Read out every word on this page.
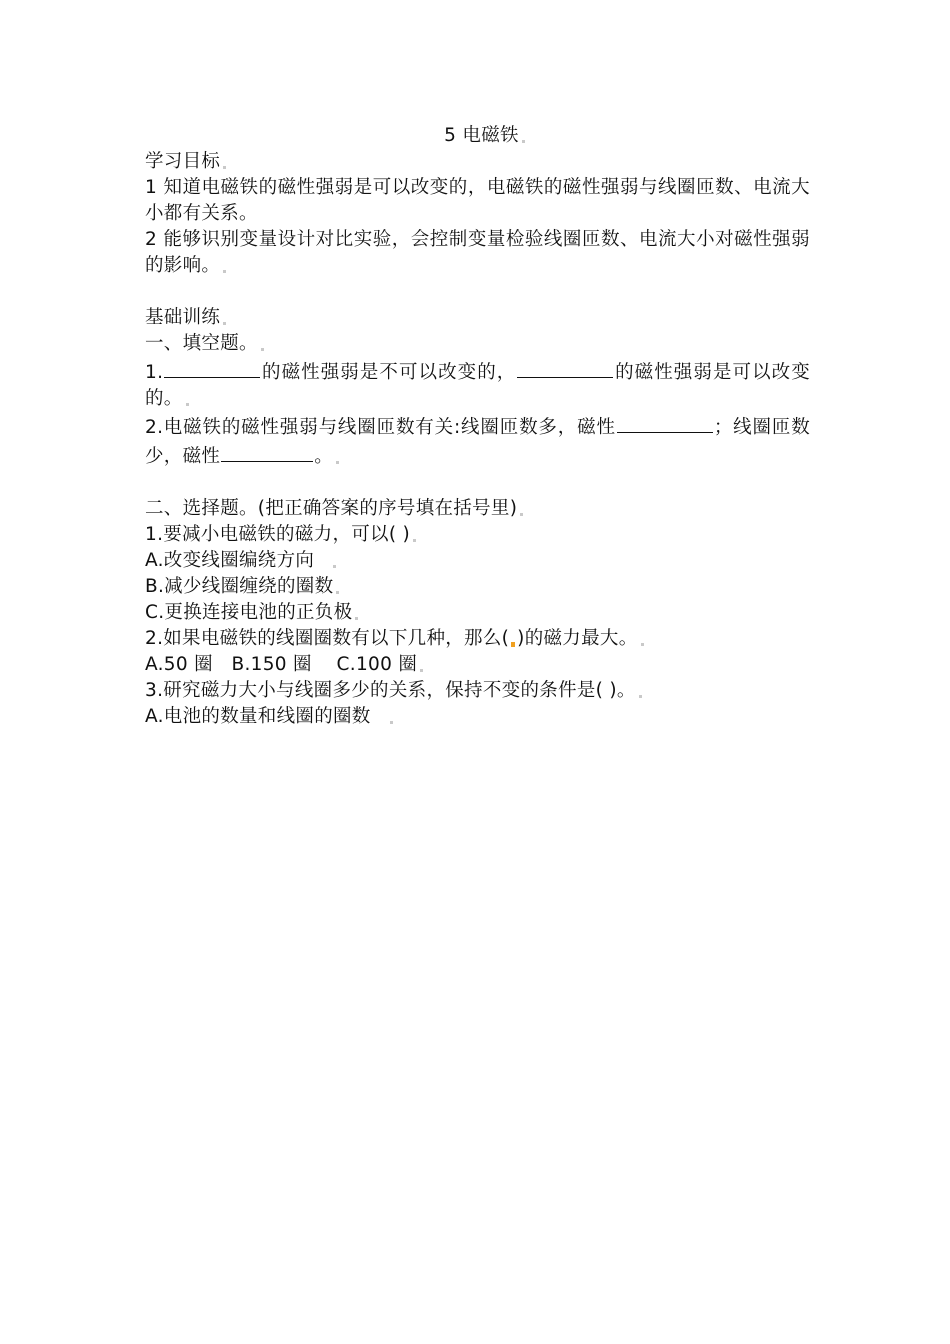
5 电磁铁
学习目标
1 知道电磁铁的磁性强弱是可以改变的，电磁铁的磁性强弱与线圈匝数、电流大小都有关系。
2 能够识别变量设计对比实验，会控制变量检验线圈匝数、电流大小对磁性强弱的影响。
基础训练
一、填空题。
1.	的磁性强弱是不可以改变的，	的磁性强弱是可以改变的。
2.电磁铁的磁性强弱与线圈匝数有关:线圈匝数多，磁性	；线圈匝数少，磁性	。
二、选择题。(把正确答案的序号填在括号里)
1.要减小电磁铁的磁力，可以( )
A.改变线圈编绕方向
B.减少线圈缠绕的圈数
C.更换连接电池的正负极
2.如果电磁铁的线圈圈数有以下几种，那么( )的磁力最大。
A.50 圈   B.150 圈    C.100 圈
3.研究磁力大小与线圈多少的关系，保持不变的条件是( )。
A.电池的数量和线圈的圈数
